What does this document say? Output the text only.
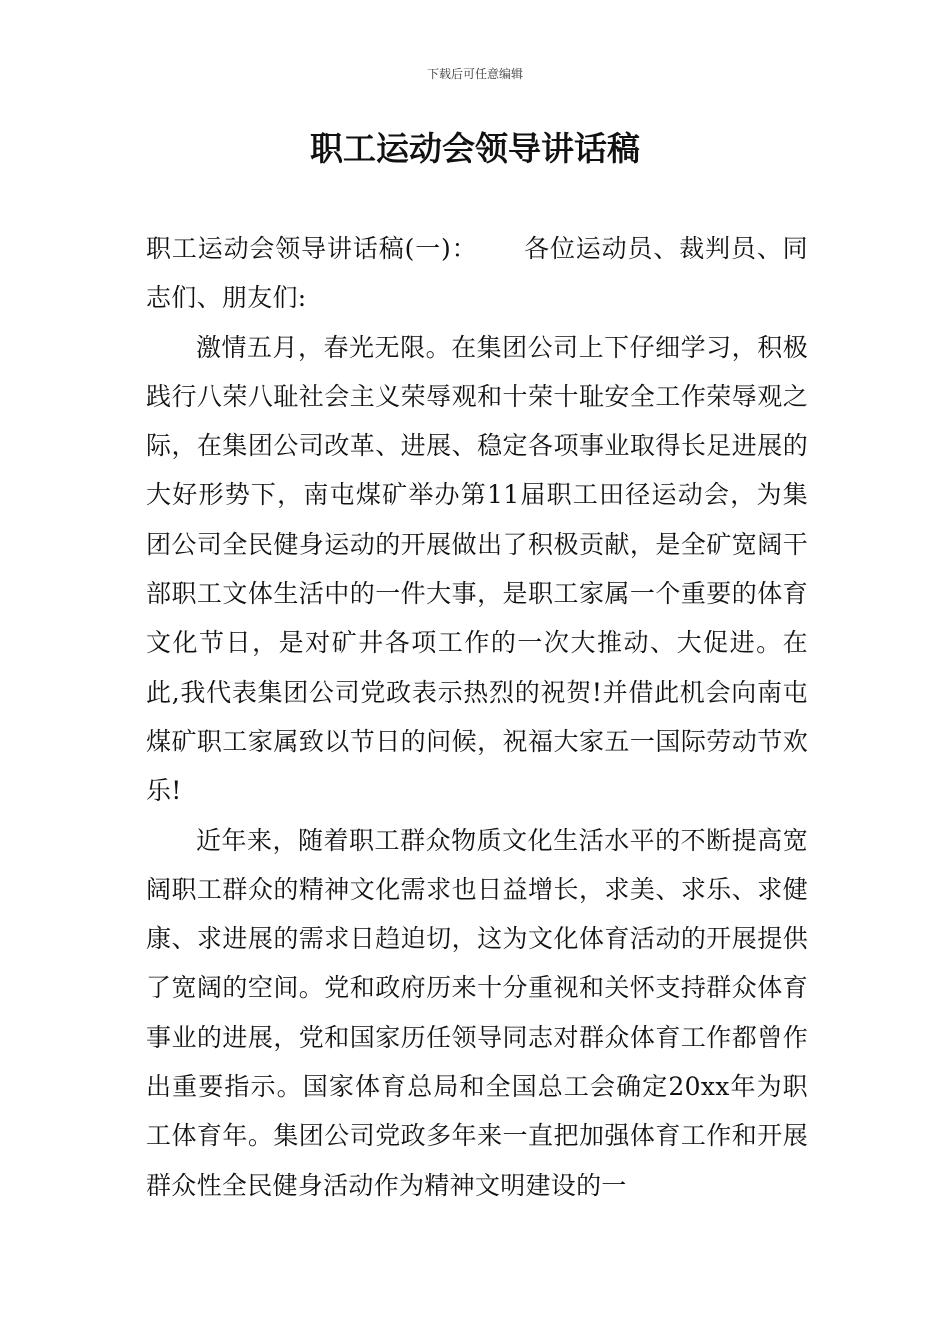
下载后可任意编辑
职工运动会领导讲话稿

职工运动会领导讲话稿(一)： 各位运动员、裁判员、同志们、朋友们:

激情五月，春光无限。在集团公司上下仔细学习，积极践行八荣八耻社会主义荣辱观和十荣十耻安全工作荣辱观之际，在集团公司改革、进展、稳定各项事业取得长足进展的大好形势下，南屯煤矿举办第11届职工田径运动会，为集团公司全民健身运动的开展做出了积极贡献，是全矿宽阔干部职工文体生活中的一件大事，是职工家属一个重要的体育文化节日，是对矿井各项工作的一次大推动、大促进。在此,我代表集团公司党政表示热烈的祝贺!并借此机会向南屯煤矿职工家属致以节日的问候，祝福大家五一国际劳动节欢乐!

近年来，随着职工群众物质文化生活水平的不断提高宽阔职工群众的精神文化需求也日益增长，求美、求乐、求健康、求进展的需求日趋迫切，这为文化体育活动的开展提供了宽阔的空间。党和政府历来十分重视和关怀支持群众体育事业的进展，党和国家历任领导同志对群众体育工作都曾作出重要指示。国家体育总局和全国总工会确定20xx年为职工体育年。集团公司党政多年来一直把加强体育工作和开展群众性全民健身活动作为精神文明建设的一
